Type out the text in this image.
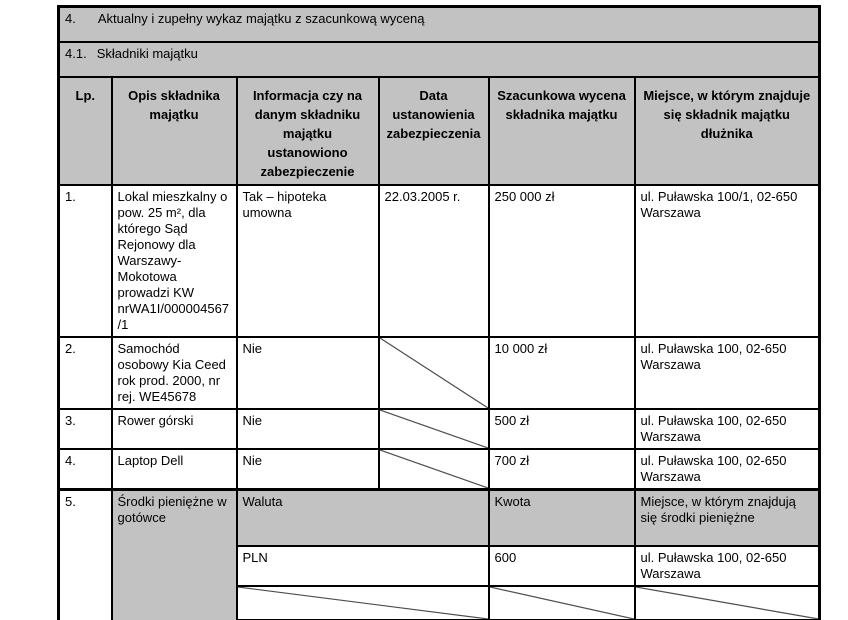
4. Aktualny i zupełny wykaz majątku z szacunkową wyceną					
4.1. Składniki majątku					
Lp.	Opis składnika majątku	Informacja czy na danym składniku majątku ustanowiono zabezpieczenie	Data ustanowienia zabezpieczenia	Szacunkowa wycena składnika majątku	Miejsce, w którym znajduje się składnik majątku dłużnika
1.	Lokal mieszkalny o pow. 25 m², dla którego Sąd Rejonowy dla Warszawy-Mokotowa prowadzi KW nrWA1I/000004567/1	Tak – hipoteka umowna	22.03.2005 r.	250 000 zł	ul. Puławska 100/1, 02-650 Warszawa
2.	Samochód osobowy Kia Ceed rok prod. 2000, nr rej. WE45678	Nie		10 000 zł	ul. Puławska 100, 02-650 Warszawa
3.	Rower górski	Nie		500 zł	ul. Puławska 100, 02-650 Warszawa
4.	Laptop Dell	Nie		700 zł	ul. Puławska 100, 02-650 Warszawa
5.	Środki pieniężne w gotówce	Waluta		Kwota	Miejsce, w którym znajdują się środki pieniężne
		PLN		600	ul. Puławska 100, 02-650 Warszawa
